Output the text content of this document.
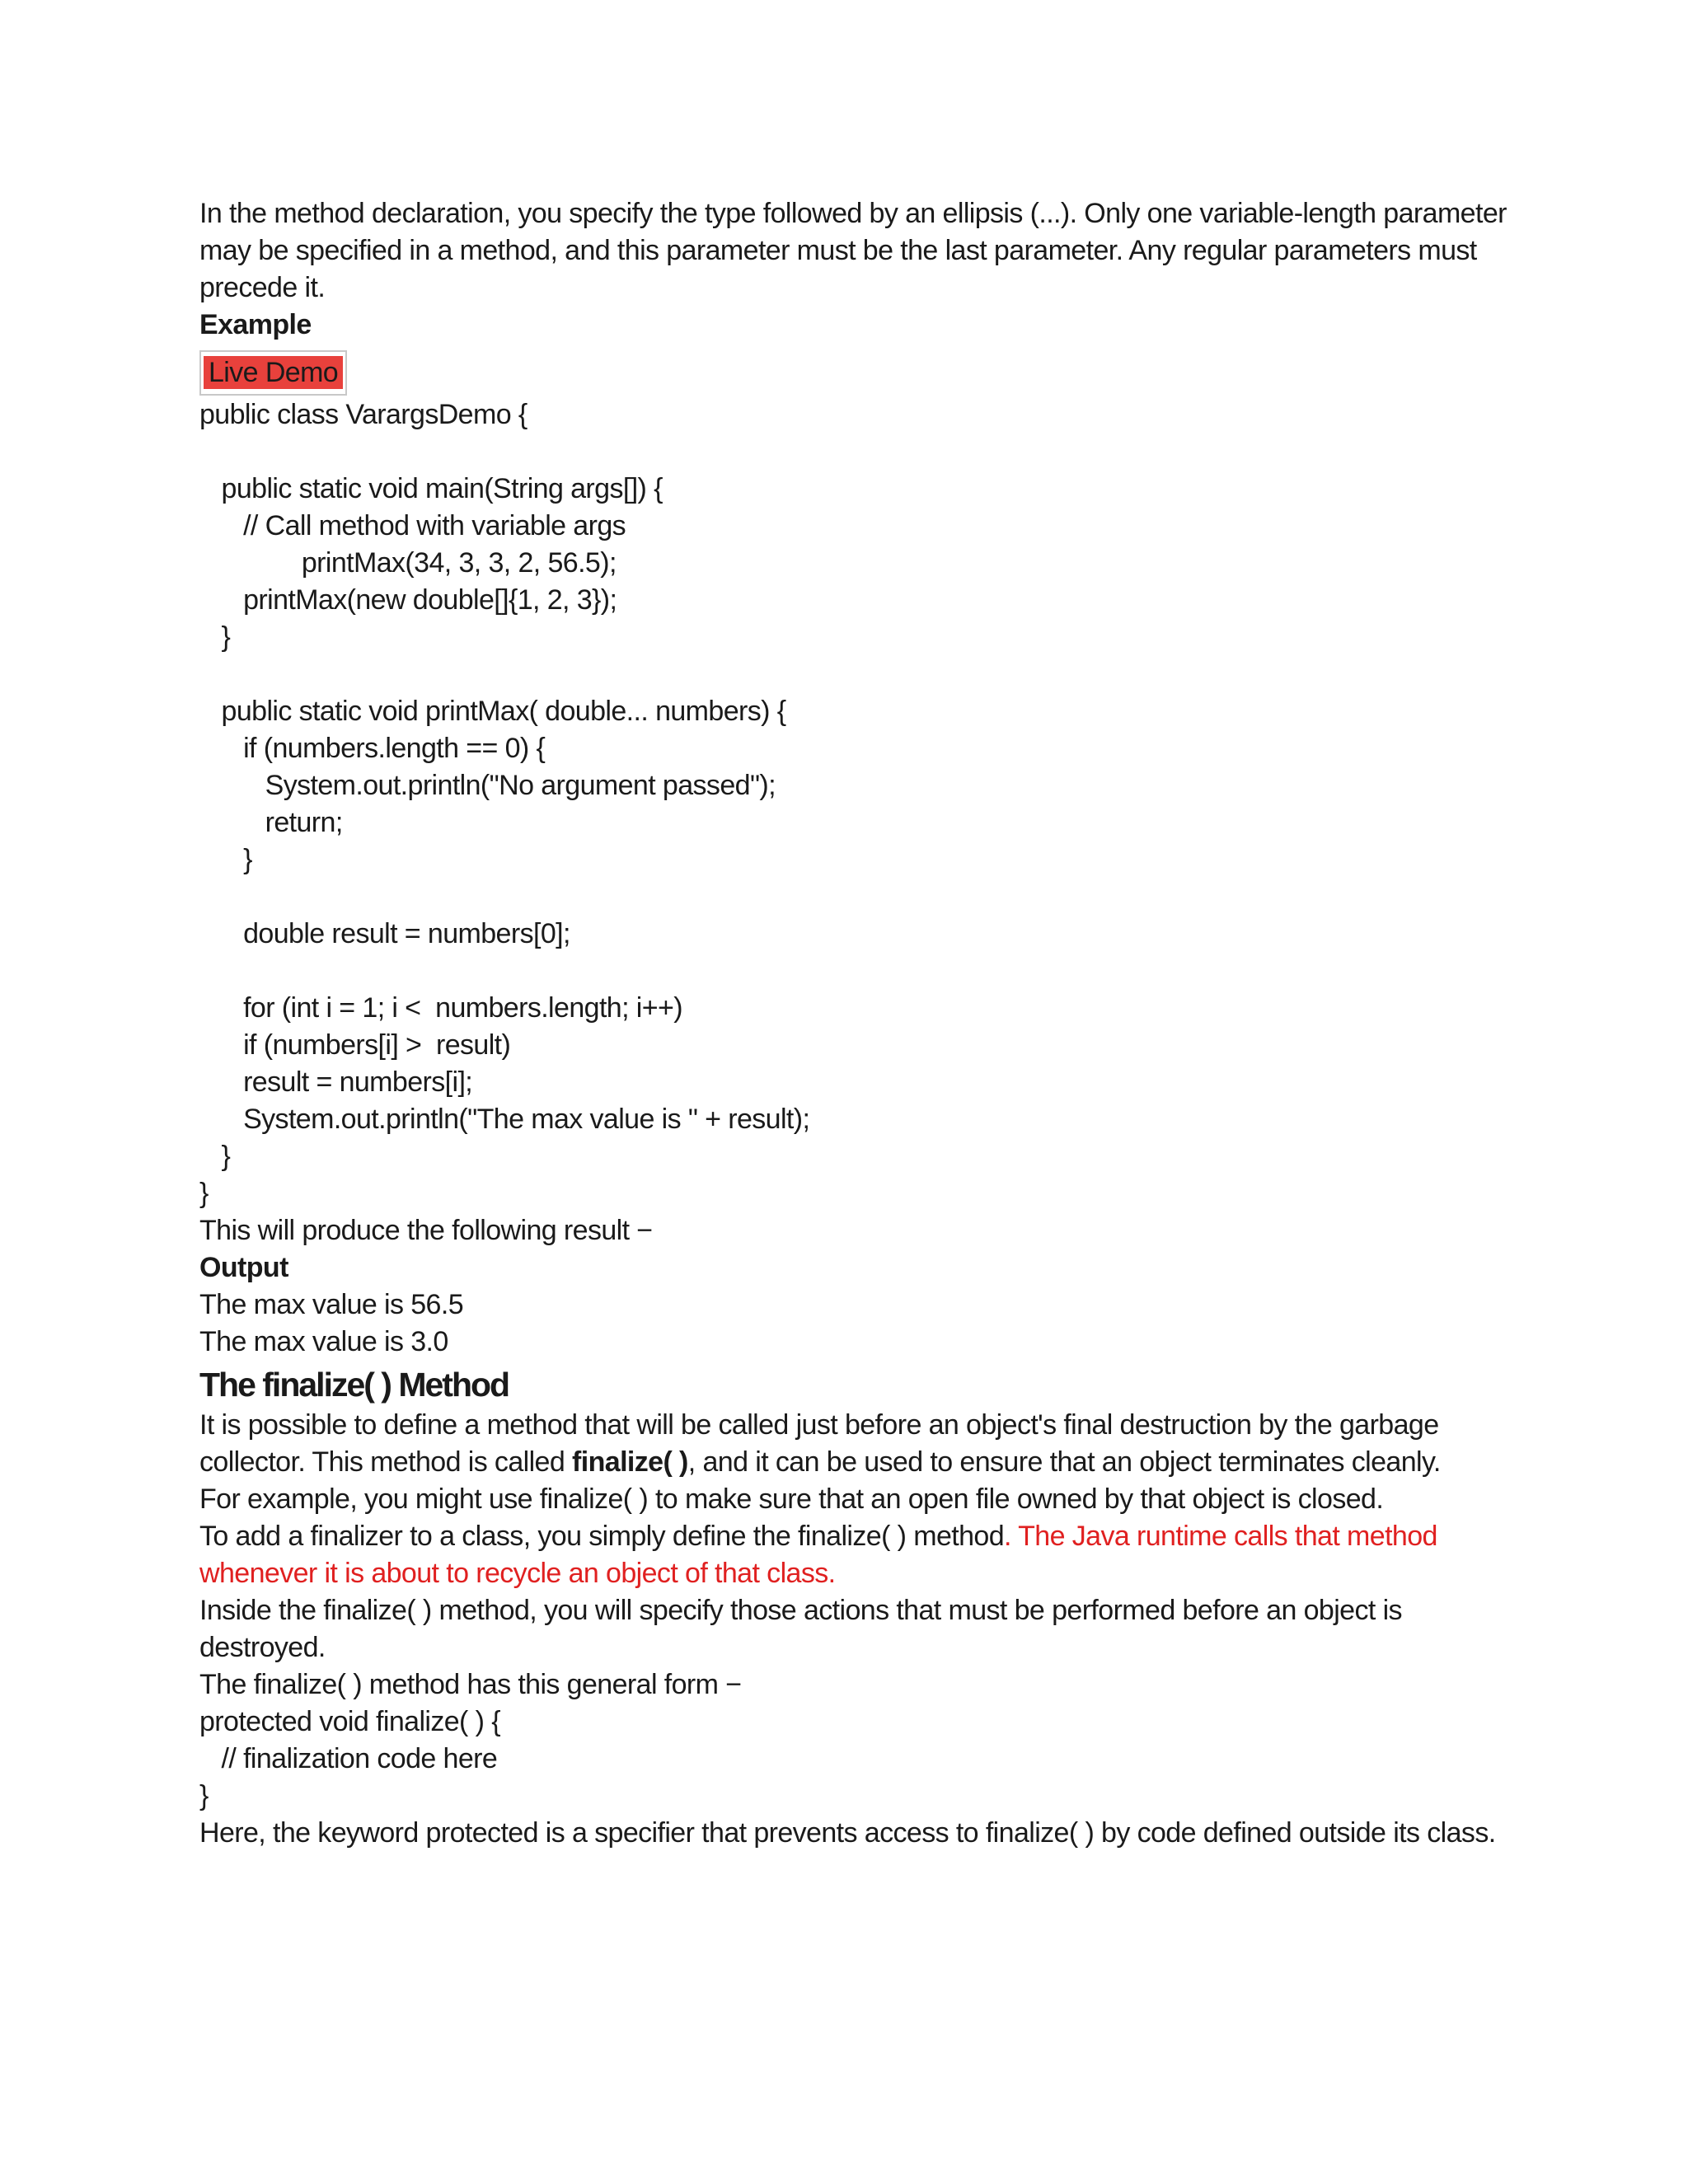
In the method declaration, you specify the type followed by an ellipsis (...). Only one variable-length parameter may be specified in a method, and this parameter must be the last parameter. Any regular parameters must precede it.

Example

Live Demo
public class VarargsDemo {
public static void main(String args[]) {
// Call method with variable args
printMax(34, 3, 3, 2, 56.5);
printMax(new double[]{1, 2, 3});
}
public static void printMax( double... numbers) {
if (numbers.length == 0) {
System.out.println("No argument passed");
return;
}
double result = numbers[0];
for (int i = 1; i <  numbers.length; i++)
if (numbers[i] >  result)
result = numbers[i];
System.out.println("The max value is " + result);
}
}

This will produce the following result −

Output

The max value is 56.5
The max value is 3.0
The finalize( ) Method

It is possible to define a method that will be called just before an object's final destruction by the garbage collector. This method is called finalize( ), and it can be used to ensure that an object terminates cleanly.

For example, you might use finalize( ) to make sure that an open file owned by that object is closed.

To add a finalizer to a class, you simply define the finalize( ) method. The Java runtime calls that method whenever it is about to recycle an object of that class.

Inside the finalize( ) method, you will specify those actions that must be performed before an object is destroyed.

The finalize( ) method has this general form −

protected void finalize( ) {
// finalization code here
}

Here, the keyword protected is a specifier that prevents access to finalize( ) by code defined outside its class.
